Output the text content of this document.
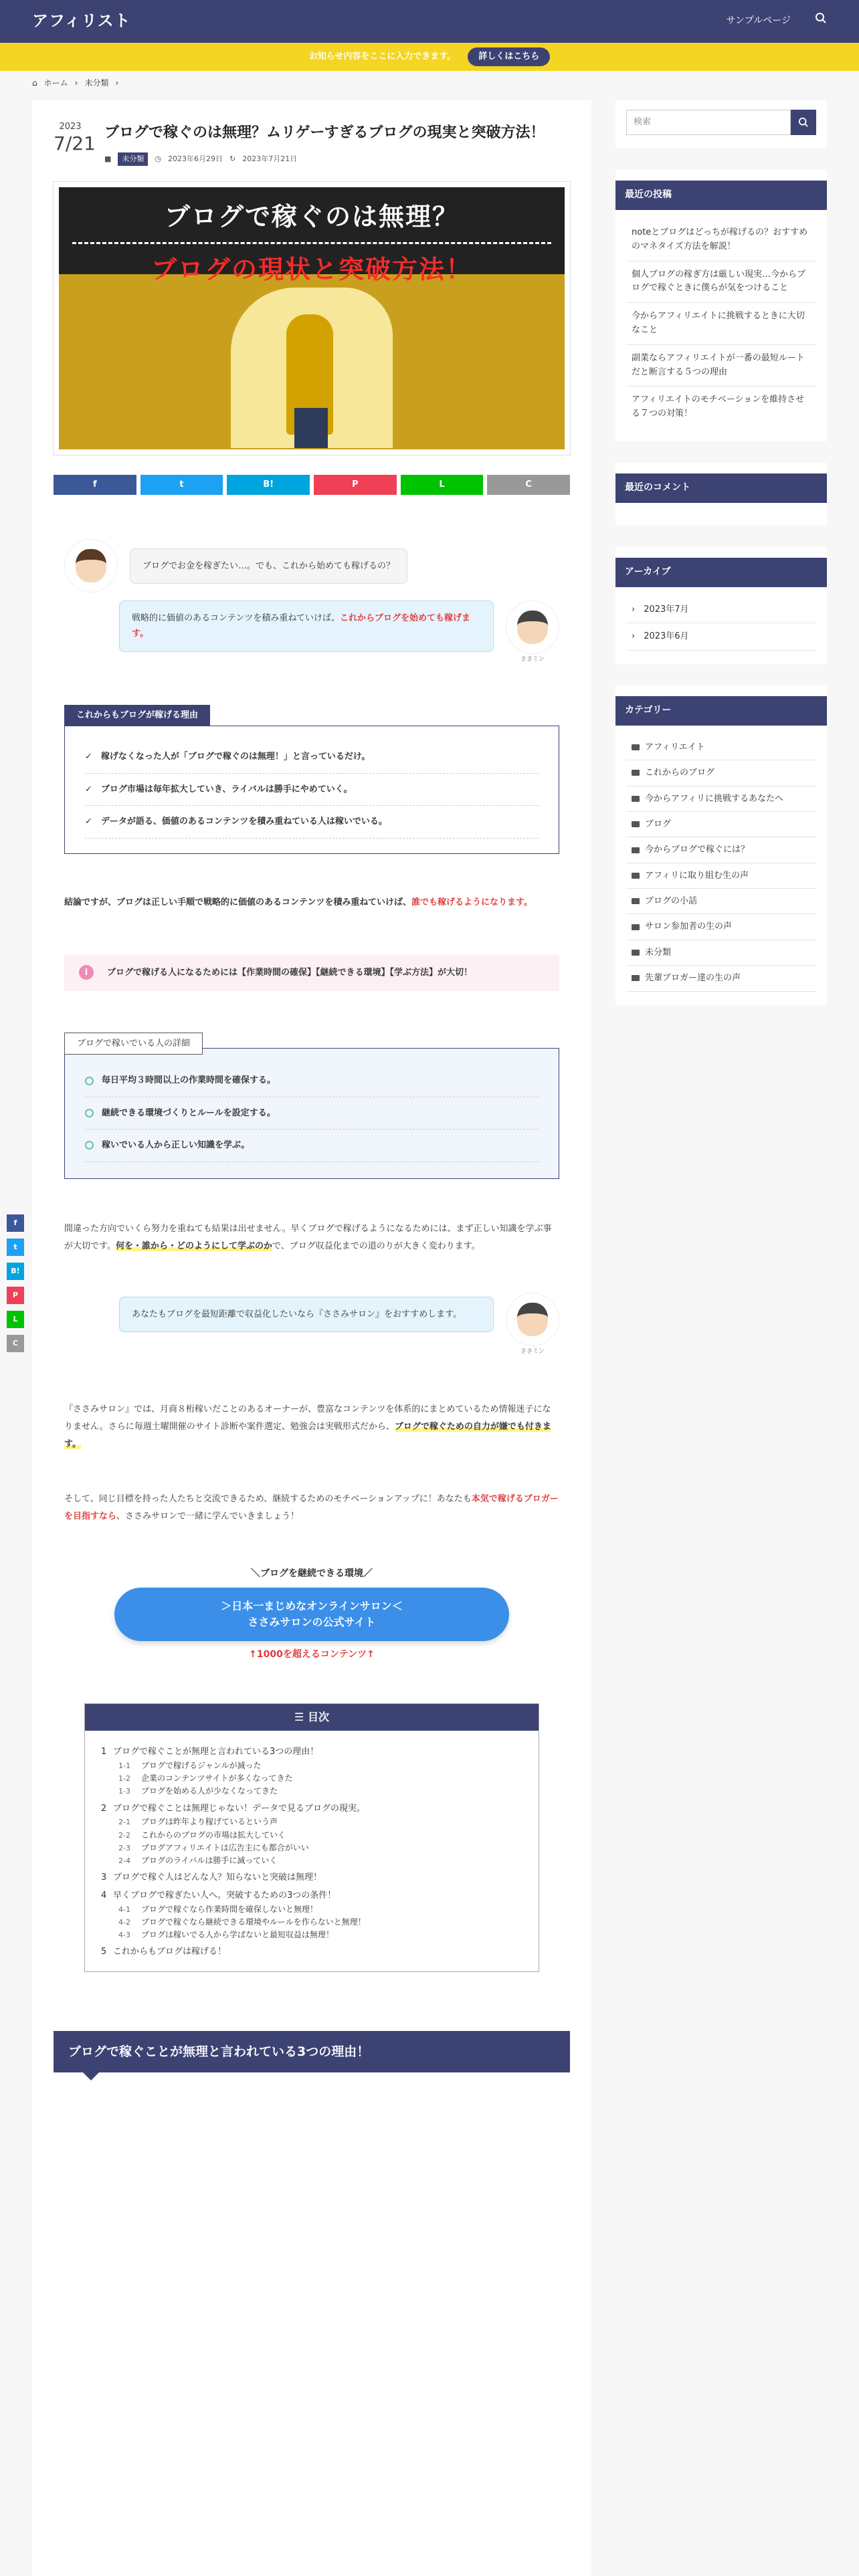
アフィリスト	サンプルページ
お知らせ内容をここに入力できます。	詳しくはこちら
⌂ ホーム › 未分類 ›
2023
7/21 ブログで稼ぐのは無理？ムリゲーすぎるブログの現実と突破方法！
■	未分類	◷ 2023年6月29日 ↻ 2023年7月21日
ブログで稼ぐのは無理？
ブログの現状と突破方法！
f	t	B!	P	L	C
ブログでお金を稼ぎたい…。でも、これから始めても稼げるの？
戦略的に価値のあるコンテンツを積み重ねていけば、これからブログを始めても稼げます。
ささミン
これからもブログが稼げる理由
✓　稼げなくなった人が「ブログで稼ぐのは無理！」と言っているだけ。
✓　ブログ市場は毎年拡大していき、ライバルは勝手にやめていく。
✓　データが語る、価値のあるコンテンツを積み重ねている人は稼いでいる。

結論ですが、ブログは正しい手順で戦略的に価値のあるコンテンツを積み重ねていけば、誰でも稼げるようになります。

i	ブログで稼げる人になるためには【作業時間の確保】【継続できる環境】【学ぶ方法】が大切！
ブログで稼いでいる人の詳細
毎日平均３時間以上の作業時間を確保する。
継続できる環境づくりとルールを設定する。
稼いでいる人から正しい知識を学ぶ。

間違った方向でいくら努力を重ねても結果は出せません。早くブログで稼げるようになるためには、まず正しい知識を学ぶ事が大切です。何を・誰から・どのようにして学ぶのかで、ブログ収益化までの道のりが大きく変わります。

あなたもブログを最短距離で収益化したいなら『ささみサロン』をおすすめします。
ささミン

『ささみサロン』では、月商８桁稼いだことのあるオーナーが、豊富なコンテンツを体系的にまとめているため情報迷子になりません。さらに毎週土曜開催のサイト診断や案件選定、勉強会は実戦形式だから、ブログで稼ぐための自力が嫌でも付きます。

そして、同じ目標を持った人たちと交流できるため、継続するためのモチベーションアップに！あなたも本気で稼げるブロガーを目指すなら、ささみサロンで一緒に学んでいきましょう！

＼ブログを継続できる環境／
＞日本一まじめなオンラインサロン＜
ささみサロンの公式サイト
↑1000を超えるコンテンツ↑
☰ 目次
1 ブログで稼ぐことが無理と言われている3つの理由！
1-1 ブログで稼げるジャンルが減った
1-2 企業のコンテンツサイトが多くなってきた
1-3 ブログを始める人が少なくなってきた
2 ブログで稼ぐことは無理じゃない！データで見るブログの現実。
2-1 ブログは昨年より稼げているという声
2-2 これからのブログの市場は拡大していく
2-3 ブログアフィリエイトは広告主にも都合がいい
2-4 ブログのライバルは勝手に減っていく
3 ブログで稼ぐ人はどんな人？知らないと突破は無理！
4 早くブログで稼ぎたい人へ。突破するための3つの条件！
4-1 ブログで稼ぐなら作業時間を確保しないと無理！
4-2 ブログで稼ぐなら継続できる環境やルールを作らないと無理！
4-3 ブログは稼いでる人から学ばないと最短収益は無理！
5 これからもブログは稼げる！
ブログで稼ぐことが無理と言われている3つの理由！
検索
最近の投稿
noteとブログはどっちが稼げるの？おすすめのマネタイズ方法を解説！
個人ブログの稼ぎ方は厳しい現実…今からブログで稼ぐときに僕らが気をつけること
今からアフィリエイトに挑戦するときに大切なこと
副業ならアフィリエイトが一番の最短ルートだと断言する５つの理由
アフィリエイトのモチベーションを維持させる７つの対策！
最近のコメント
アーカイブ
›　2023年7月
›　2023年6月
カテゴリー
アフィリエイト
これからのブログ
今からアフィリに挑戦するあなたへ
ブログ
今からブログで稼ぐには？
アフィリに取り組む生の声
ブログの小話
サロン参加者の生の声
未分類
先輩ブロガー達の生の声
f
t
B!
P
L
C
